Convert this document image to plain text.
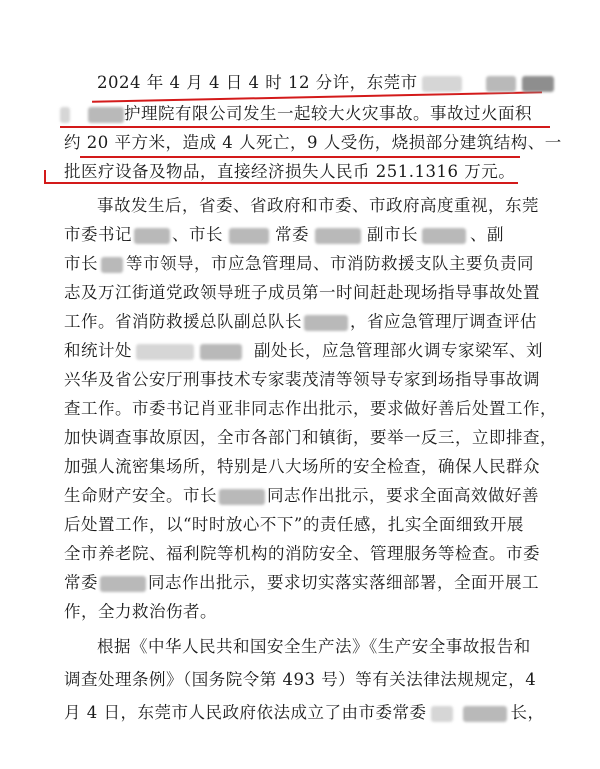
2024 年 4 月 4 日 4 时 12 分许，东莞市
护理院有限公司发生一起较大火灾事故。事故过火面积
约 20 平方米，造成 4 人死亡，9 人受伤，烧损部分建筑结构、一
批医疗设备及物品，直接经济损失人民币 251.1316 万元。
事故发生后，省委、省政府和市委、市政府高度重视，东莞
市委书记 、市长	常委	副市长	、副
市长 等市领导，市应急管理局、市消防救援支队主要负责同
志及万江街道党政领导班子成员第一时间赶赴现场指导事故处置
工作。省消防救援总队副总队长	，省应急管理厅调查评估
和统计处	副处长，应急管理部火调专家梁军、刘
兴华及省公安厅刑事技术专家裴茂清等领导专家到场指导事故调
查工作。市委书记肖亚非同志作出批示，要求做好善后处置工作，
加快调查事故原因，全市各部门和镇街，要举一反三，立即排查，
加强人流密集场所，特别是八大场所的安全检查，确保人民群众
生命财产安全。市长	同志作出批示，要求全面高效做好善
后处置工作，以“时时放心不下”的责任感，扎实全面细致开展
全市养老院、福利院等机构的消防安全、管理服务等检查。市委
常委	同志作出批示，要求切实落实落细部署，全面开展工
作，全力救治伤者。
根据《中华人民共和国安全生产法》《生产安全事故报告和
调查处理条例》（国务院令第 493 号）等有关法律法规规定，4
月 4 日，东莞市人民政府依法成立了由市委常委	长，
